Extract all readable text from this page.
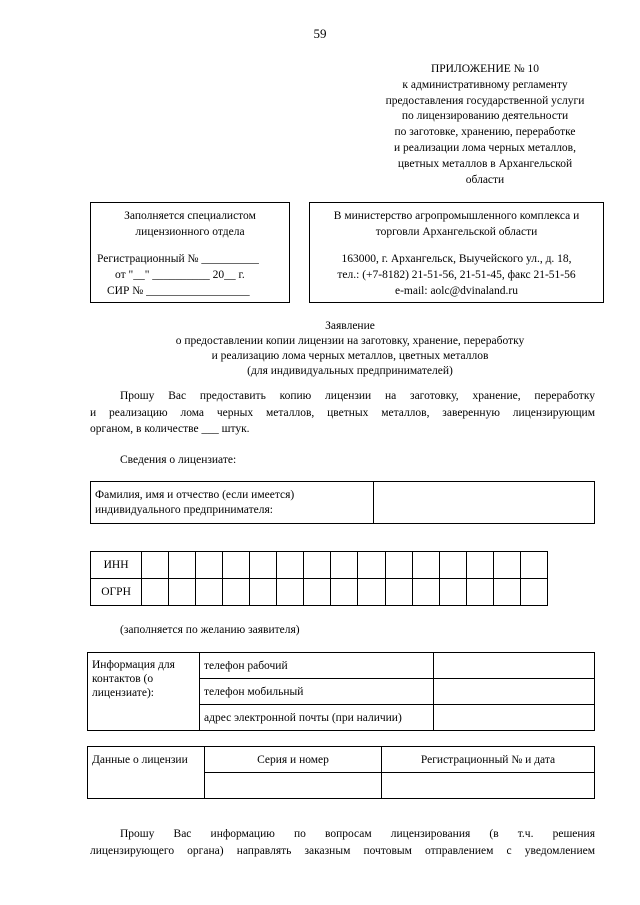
59
ПРИЛОЖЕНИЕ № 10
к административному регламенту
предоставления государственной услуги
по лицензированию деятельности
по заготовке, хранению, переработке
и реализации лома черных металлов,
цветных металлов в Архангельской
области
Заполняется специалистом
лицензионного отдела
Регистрационный № __________
от "__" __________ 20__ г.
СИР № __________________
В министерство агропромышленного комплекса и
торговли Архангельской области
163000, г. Архангельск, Выучейского ул., д. 18,
тел.: (+7-8182) 21-51-56, 21-51-45, факс 21-51-56
e-mail: aolc@dvinaland.ru
Заявление
о предоставлении копии лицензии на заготовку, хранение, переработку
и реализацию лома черных металлов, цветных металлов
(для индивидуальных предпринимателей)
Прошу Вас предоставить копию лицензии на заготовку, хранение, переработку
и реализацию лома черных металлов, цветных металлов, заверенную лицензирующим
органом, в количестве ___ штук.
Сведения о лицензиате:
Фамилия, имя и отчество (если имеется)
индивидуального предпринимателя:

ИНН															
ОГРН															
(заполняется по желанию заявителя)
Информация для
контактов (о
лицензиате):	телефон рабочий	
	телефон мобильный	
	адрес электронной почты (при наличии)	
Данные о лицензии	Серия и номер	Регистрационный № и дата

Прошу Вас информацию по вопросам лицензирования (в т.ч. решения
лицензирующего органа) направлять заказным почтовым отправлением с уведомлением
